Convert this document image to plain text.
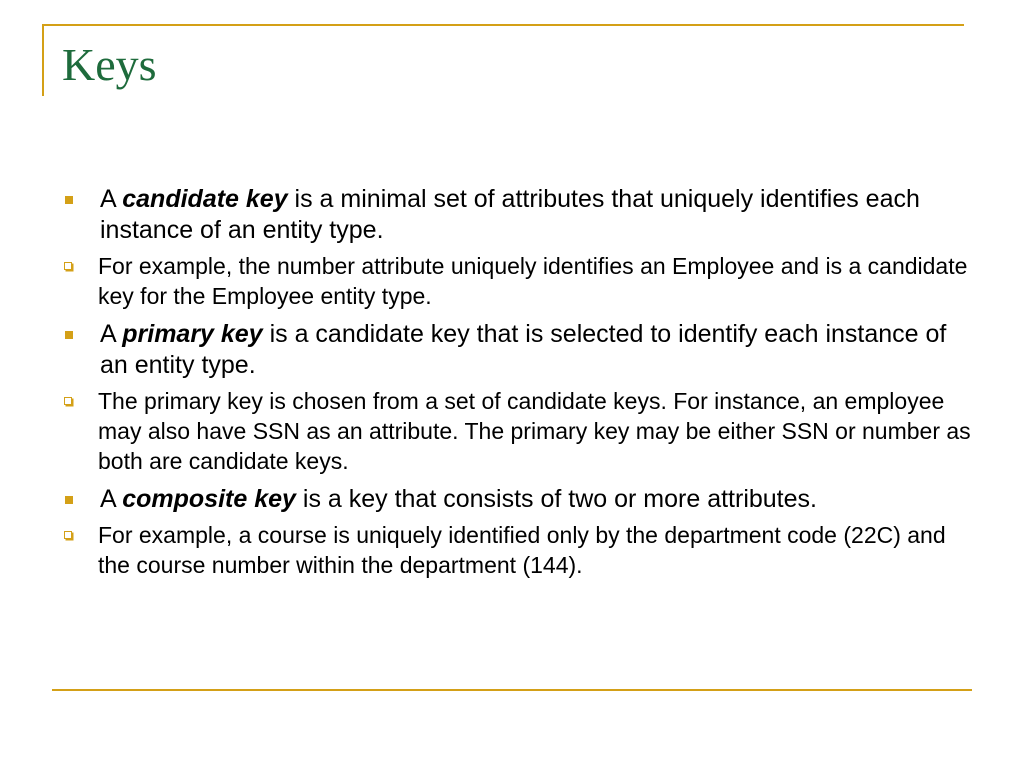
Keys
A candidate key is a minimal set of attributes that uniquely identifies each instance of an entity type.
For example, the number attribute uniquely identifies an Employee and is a candidate key for the Employee entity type.
A primary key is a candidate key that is selected to identify each instance of an entity type.
The primary key is chosen from a set of candidate keys. For instance, an employee may also have SSN as an attribute. The primary key may be either SSN or number as both are candidate keys.
A composite key is a key that consists of two or more attributes.
For example, a course is uniquely identified only by the department code (22C) and the course number within the department (144).
